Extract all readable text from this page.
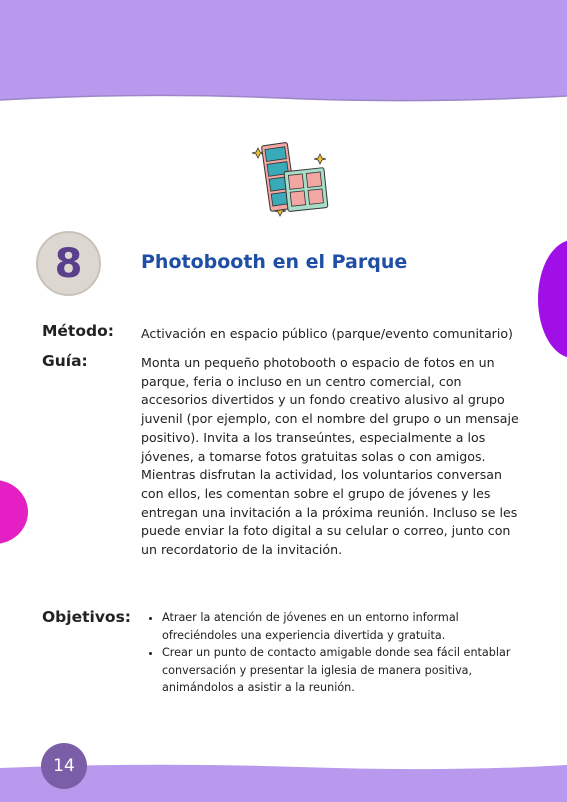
8	Photobooth en el Parque
Método: Activación en espacio público (parque/evento comunitario)
Guía:	Monta un pequeño photobooth o espacio de fotos en un parque, feria o incluso en un centro comercial, con accesorios divertidos y un fondo creativo alusivo al grupo juvenil (por ejemplo, con el nombre del grupo o un mensaje positivo). Invita a los transeúntes, especialmente a los jóvenes, a tomarse fotos gratuitas solas o con amigos. Mientras disfrutan la actividad, los voluntarios conversan con ellos, les comentan sobre el grupo de jóvenes y les entregan una invitación a la próxima reunión. Incluso se les puede enviar la foto digital a su celular o correo, junto con un recordatorio de la invitación.
Objetivos:
•	Atraer la atención de jóvenes en un entorno informal ofreciéndoles una experiencia divertida y gratuita.
• Crear un punto de contacto amigable donde sea fácil entablar conversación y presentar la iglesia de manera positiva, animándolos a asistir a la reunión.
14
